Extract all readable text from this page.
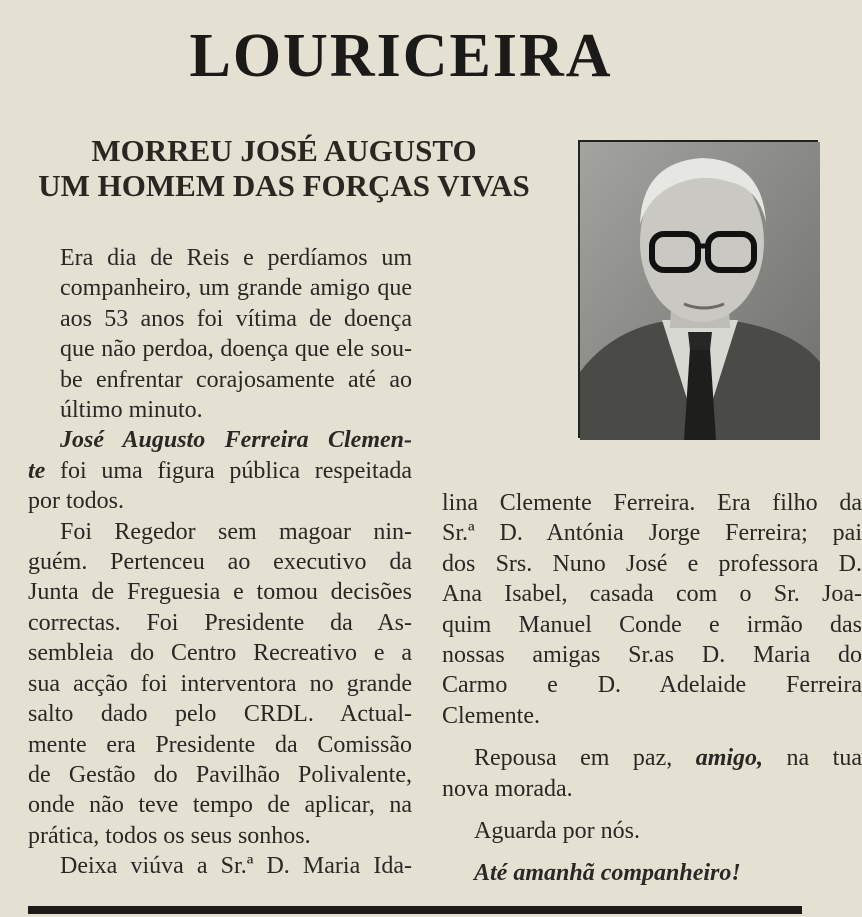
LOURICEIRA
MORREU JOSÉ AUGUSTO
UM HOMEM DAS FORÇAS VIVAS

Era dia de Reis e perdíamos um
companheiro, um grande amigo que
aos 53 anos foi vítima de doença
que não perdoa, doença que ele sou-
be enfrentar corajosamente até ao
último minuto.

José Augusto Ferreira Clemen-
te foi uma figura pública respeitada
por todos.

Foi Regedor sem magoar nin-
guém. Pertenceu ao executivo da
Junta de Freguesia e tomou decisões
correctas. Foi Presidente da As-
sembleia do Centro Recreativo e a
sua acção foi interventora no grande
salto dado pelo CRDL. Actual-
mente era Presidente da Comissão
de Gestão do Pavilhão Polivalente,
onde não teve tempo de aplicar, na
prática, todos os seus sonhos.

Deixa viúva a Sr.ª D. Maria Ida-

lina Clemente Ferreira. Era filho da
Sr.ª D. Antónia Jorge Ferreira; pai
dos Srs. Nuno José e professora D.
Ana Isabel, casada com o Sr. Joa-
quim Manuel Conde e irmão das
nossas amigas Sr.as D. Maria do
Carmo e D. Adelaide Ferreira
Clemente.

Repousa em paz, amigo, na tua
nova morada.

Aguarda por nós.

Até amanhã companheiro!
